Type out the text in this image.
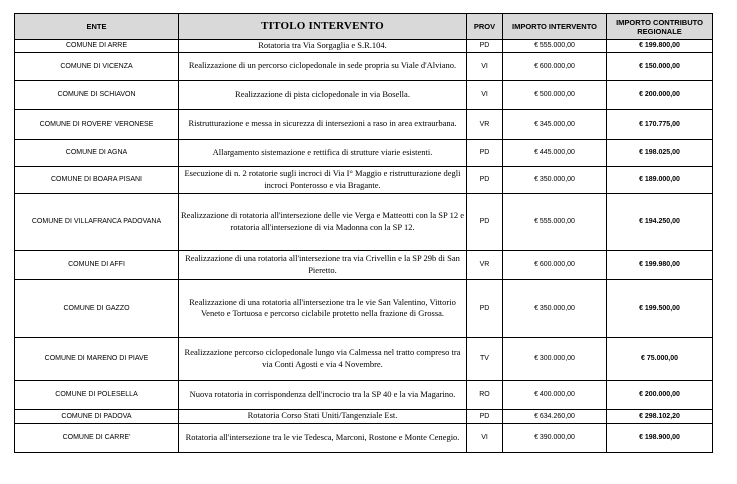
ENTE	TITOLO INTERVENTO	PROV	IMPORTO INTERVENTO	IMPORTO CONTRIBUTO REGIONALE
COMUNE DI ARRE	Rotatoria tra Via Sorgaglia e S.R.104.	PD	€ 555.000,00	€ 199.800,00
COMUNE DI VICENZA	Realizzazione di un percorso ciclopedonale in sede propria su Viale d'Alviano.	VI	€ 600.000,00	€ 150.000,00
COMUNE DI SCHIAVON	Realizzazione di pista ciclopedonale in via Bosella.	VI	€ 500.000,00	€ 200.000,00
COMUNE DI ROVERE' VERONESE	Ristrutturazione e messa in sicurezza di intersezioni a raso in area extraurbana.	VR	€ 345.000,00	€ 170.775,00
COMUNE DI AGNA	Allargamento sistemazione e rettifica di strutture viarie esistenti.	PD	€ 445.000,00	€ 198.025,00
COMUNE DI BOARA PISANI	Esecuzione di n. 2 rotatorie sugli incroci di Via I° Maggio e ristrutturazione degli incroci Ponterosso e via Bragante.	PD	€ 350.000,00	€ 189.000,00
COMUNE DI VILLAFRANCA PADOVANA	Realizzazione di rotatoria all'intersezione delle vie Verga e Matteotti con la SP 12 e rotatoria all'intersezione di via Madonna con la SP 12.	PD	€ 555.000,00	€ 194.250,00
COMUNE DI AFFI	Realizzazione di una rotatoria all'intersezione tra via Crivellin e la SP 29b di San Pieretto.	VR	€ 600.000,00	€ 199.980,00
COMUNE DI GAZZO	Realizzazione di una rotatoria all'intersezione tra le vie San Valentino, Vittorio Veneto e Tortuosa e percorso ciclabile protetto nella frazione di Grossa.	PD	€ 350.000,00	€ 199.500,00
COMUNE DI MARENO DI PIAVE	Realizzazione percorso ciclopedonale lungo via Calmessa nel tratto compreso tra via Conti Agosti e via 4 Novembre.	TV	€ 300.000,00	€ 75.000,00
COMUNE DI POLESELLA	Nuova rotatoria in corrispondenza dell'incrocio tra la SP 40 e la via Magarino.	RO	€ 400.000,00	€ 200.000,00
COMUNE DI PADOVA	Rotatoria Corso Stati Uniti/Tangenziale Est.	PD	€ 634.260,00	€ 298.102,20
COMUNE DI CARRE'	Rotatoria all'intersezione tra le vie Tedesca, Marconi, Rostone e Monte Cenegio.	VI	€ 390.000,00	€ 198.900,00
